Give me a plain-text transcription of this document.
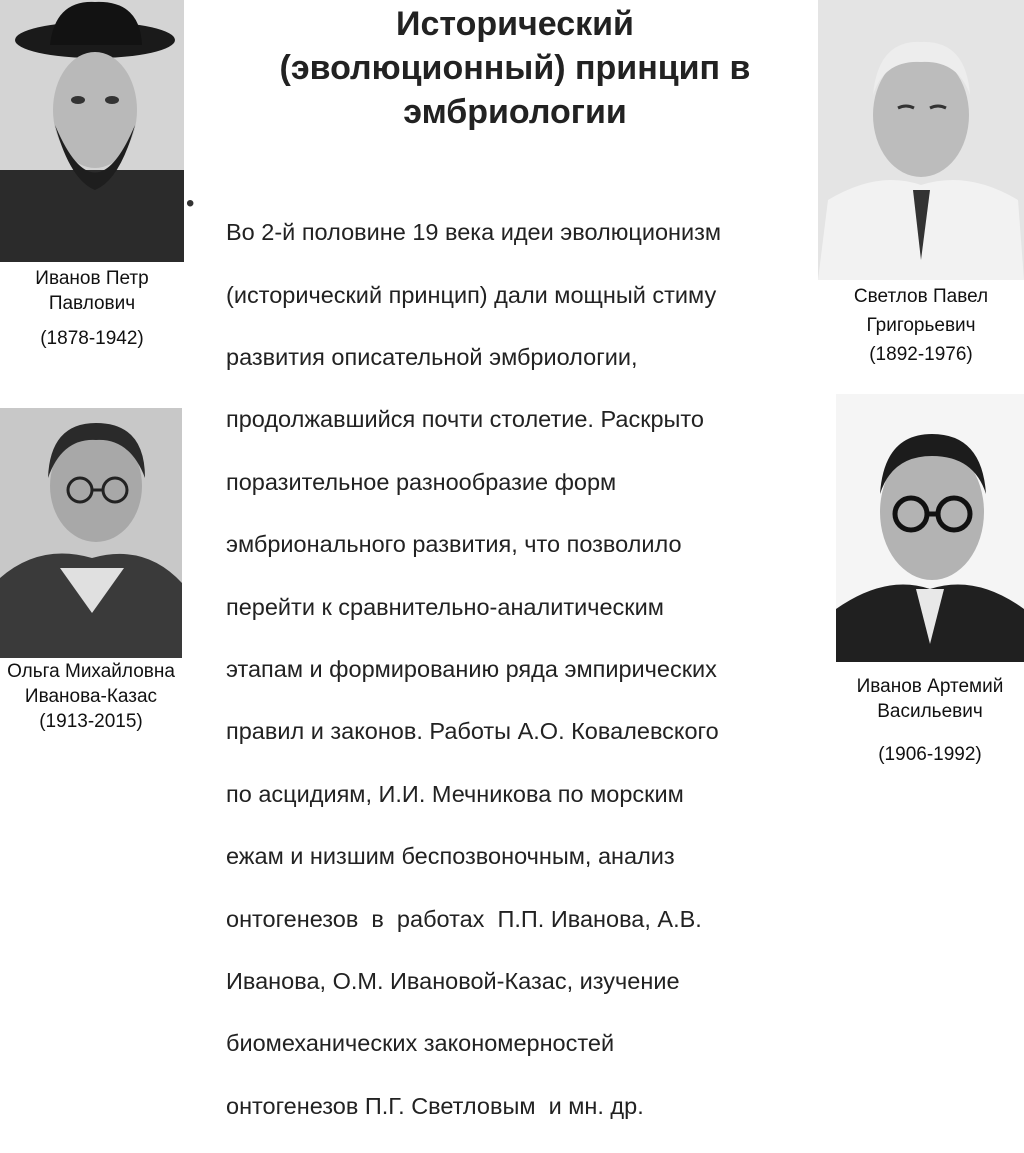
Иванов Петр
Павлович
(1878-1942)
Ольга Михайловна
Иванова-Казас
(1913-2015)
Светлов Павел
Григорьевич
(1892-1976)
Иванов Артемий
Васильевич
(1906-1992)
Исторический
(эволюционный) принцип в
эмбриологии
•

Во 2-й половине 19 века идеи эволюционизм

(исторический принцип) дали мощный стиму

развития описательной эмбриологии,

продолжавшийся почти столетие. Раскрыто

поразительное разнообразие форм

эмбрионального развития, что позволило

перейти к сравнительно-аналитическим

этапам и формированию ряда эмпирических

правил и законов. Работы А.О. Ковалевского

по асцидиям, И.И. Мечникова по морским

ежам и низшим беспозвоночным, анализ

онтогенезов  в  работах  П.П. Иванова, А.В.

Иванова, О.М. Ивановой-Казас, изучение

биомеханических закономерностей

онтогенезов П.Г. Светловым  и мн. др.
